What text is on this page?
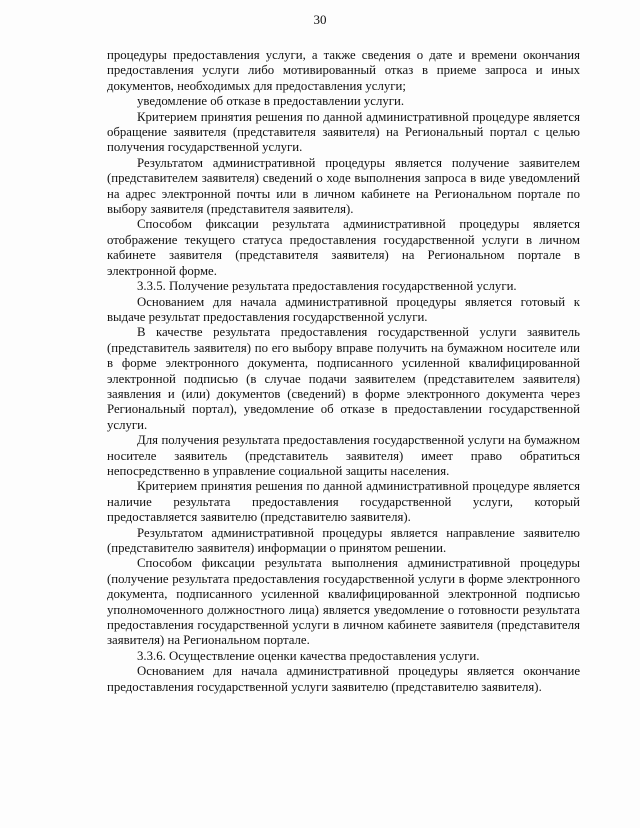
30

процедуры предоставления услуги, а также сведения о дате и времени окончания предоставления услуги либо мотивированный отказ в приеме запроса и иных документов, необходимых для предоставления услуги;

уведомление об отказе в предоставлении услуги.

Критерием принятия решения по данной административной процедуре является обращение заявителя (представителя заявителя) на Региональный портал с целью получения государственной услуги.

Результатом административной процедуры является получение заявителем (представителем заявителя) сведений о ходе выполнения запроса в виде уведомлений на адрес электронной почты или в личном кабинете на Региональном портале по выбору заявителя (представителя заявителя).

Способом фиксации результата административной процедуры является отображение текущего статуса предоставления государственной услуги в личном кабинете заявителя (представителя заявителя) на Региональном портале в электронной форме.

3.3.5. Получение результата предоставления государственной услуги.

Основанием для начала административной процедуры является готовый к выдаче результат предоставления государственной услуги.

В качестве результата предоставления государственной услуги заявитель (представитель заявителя) по его выбору вправе получить на бумажном носителе или в форме электронного документа, подписанного усиленной квалифицированной электронной подписью (в случае подачи заявителем (представителем заявителя) заявления и (или) документов (сведений) в форме электронного документа через Региональный портал), уведомление об отказе в предоставлении государственной услуги.

Для получения результата предоставления государственной услуги на бумажном носителе заявитель (представитель заявителя) имеет право обратиться непосредственно в управление социальной защиты населения.

Критерием принятия решения по данной административной процедуре является наличие результата предоставления государственной услуги, который предоставляется заявителю (представителю заявителя).

Результатом административной процедуры является направление заявителю (представителю заявителя) информации о принятом решении.

Способом фиксации результата выполнения административной процедуры (получение результата предоставления государственной услуги в форме электронного документа, подписанного усиленной квалифицированной электронной подписью уполномоченного должностного лица) является уведомление о готовности результата предоставления государственной услуги в личном кабинете заявителя (представителя заявителя) на Региональном портале.

3.3.6. Осуществление оценки качества предоставления услуги.

Основанием для начала административной процедуры является окончание предоставления государственной услуги заявителю (представителю заявителя).
